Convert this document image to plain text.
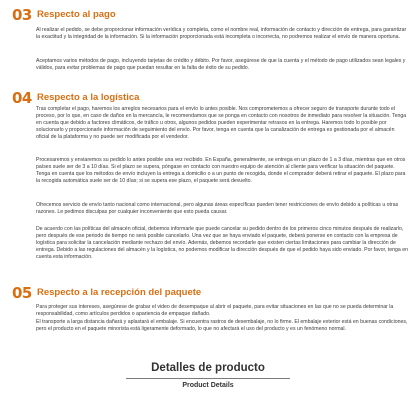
03 Respecto al pago

Al realizar el pedido, se debe proporcionar información verídica y completa, como el nombre real, información de contacto y dirección de entrega, para garantizar la exactitud y la integridad de la información. Si la información proporcionada está incompleta o incorrecta, no podremos realizar el envío de manera oportuna.

Aceptamos varios métodos de pago, incluyendo tarjetas de crédito y débito. Por favor, asegúrese de que la cuenta y el método de pago utilizados sean legales y válidos, para evitar problemas de pago que puedan resultar en la falta de éxito de su pedido.

04 Respecto a la logística

Tras completar el pago, haremos los arreglos necesarios para el envío lo antes posible. Nos comprometemos a ofrecer seguro de transporte durante todo el proceso, por lo que, en caso de daños en la mercancía, le recomendamos que se ponga en contacto con nosotros de inmediato para resolver la situación. Tenga en cuenta que debido a factores climáticos, de tráfico u otros, algunos pedidos pueden experimentar retrasos en la entrega. Haremos todo lo posible por solucionarlo y proporcionarle información de seguimiento del envío. Por favor, tenga en cuenta que la canalización de entrega es gestionada por el almacén oficial de la plataforma y no puede ser modificada por el vendedor.

Procesaremos y enviaremos su pedido lo antes posible una vez recibido. En España, generalmente, se entrega en un plazo de 1 a 3 días, mientras que en otros países suele ser de 3 a 10 días. Si el plazo se supera, póngase en contacto con nuestro equipo de atención al cliente para verificar la situación del paquete. Tenga en cuenta que los métodos de envío incluyen la entrega a domicilio o a un punto de recogida, donde el comprador deberá retirar el paquete. El plazo para la recogida automática suele ser de 10 días; si se supera ese plazo, el paquete será devuelto.

Ofrecemos servicio de envío tanto nacional como internacional, pero algunas áreas específicas pueden tener restricciones de envío debido a políticas u otras razones. Le pedimos disculpas por cualquier inconveniente que esto pueda causar.

De acuerdo con las políticas del almacén oficial, debemos informarle que puede cancelar su pedido dentro de los primeros cinco minutos después de realizarlo, pero después de ese periodo de tiempo no será posible cancelarlo. Una vez que se haya enviado el paquete, deberá ponerse en contacto con la empresa de logística para solicitar la cancelación mediante rechazo del envío. Además, debemos recordarle que existen ciertas limitaciones para cambiar la dirección de entrega. Debido a las regulaciones del almacén y la logística, no podemos modificar la dirección después de que el pedido haya sido enviado. Por favor, tenga en cuenta esta información.

05 Respecto a la recepción del paquete

Para proteger sus intereses, asegúrese de grabar el video de desempaque al abrir el paquete, para evitar situaciones en las que no se pueda determinar la responsabilidad, como artículos perdidos o apariencia de empaque dañado.

El transporte a larga distancia dañará y aplastará el embalaje. Si encuentra rastros de desembalaje, no lo firme. El embalaje exterior está en buenas condiciones, pero el producto en el paquete minorista está ligeramente deformado, lo que no afectará el uso del producto y es un fenómeno normal.

Detalles de producto
Product Details
